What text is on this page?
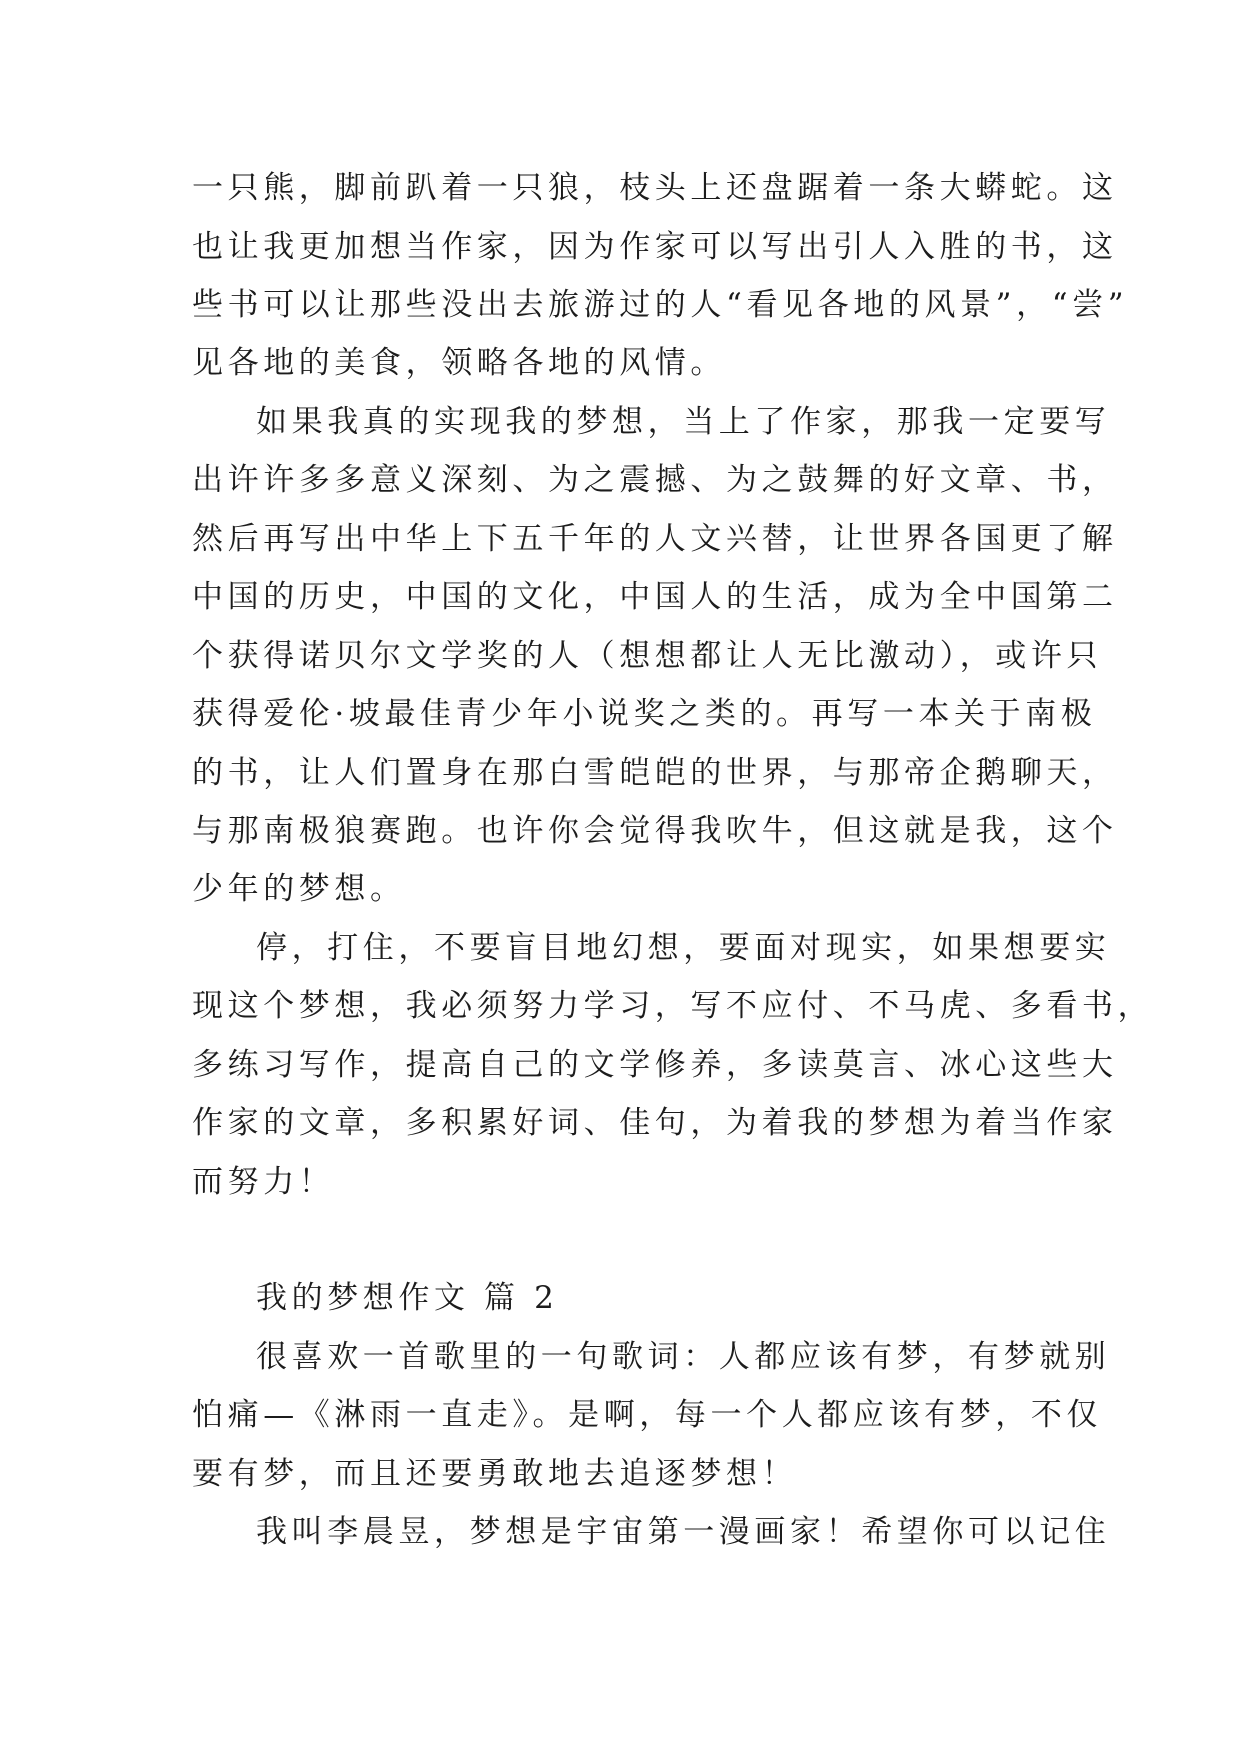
一只熊，脚前趴着一只狼，枝头上还盘踞着一条大蟒蛇。这
也让我更加想当作家，因为作家可以写出引人入胜的书，这
些书可以让那些没出去旅游过的人“看见各地的风景”，“尝”
见各地的美食，领略各地的风情。
如果我真的实现我的梦想，当上了作家，那我一定要写
出许许多多意义深刻、为之震撼、为之鼓舞的好文章、书，
然后再写出中华上下五千年的人文兴替，让世界各国更了解
中国的历史，中国的文化，中国人的生活，成为全中国第二
个获得诺贝尔文学奖的人（想想都让人无比激动），或许只
获得爱伦·坡最佳青少年小说奖之类的。再写一本关于南极
的书，让人们置身在那白雪皑皑的世界，与那帝企鹅聊天，
与那南极狼赛跑。也许你会觉得我吹牛，但这就是我，这个
少年的梦想。
停，打住，不要盲目地幻想，要面对现实，如果想要实
现这个梦想，我必须努力学习，写不应付、不马虎、多看书，
多练习写作，提高自己的文学修养，多读莫言、冰心这些大
作家的文章，多积累好词、佳句，为着我的梦想为着当作家
而努力！
我的梦想作文 篇 2
很喜欢一首歌里的一句歌词：人都应该有梦，有梦就别
怕痛—《淋雨一直走》。是啊，每一个人都应该有梦，不仅
要有梦，而且还要勇敢地去追逐梦想！
我叫李晨昱，梦想是宇宙第一漫画家！希望你可以记住
